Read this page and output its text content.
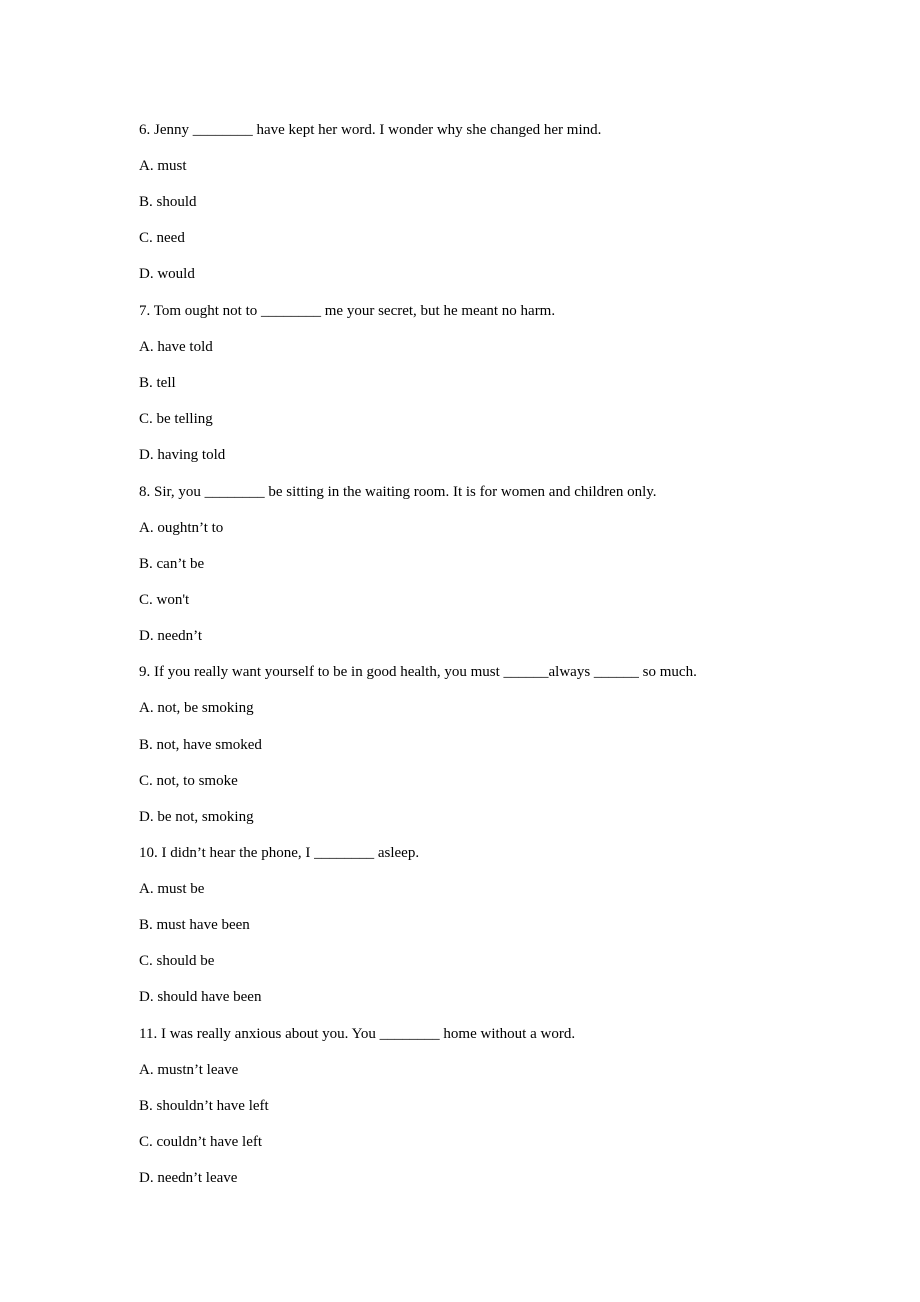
6. Jenny ________ have kept her word. I wonder why she changed her mind.
A. must
B. should
C. need
D. would
7. Tom ought not to ________ me your secret, but he meant no harm.
A. have told
B. tell
C. be telling
D. having told
8. Sir, you ________ be sitting in the waiting room. It is for women and children only.
A. oughtn’t to
B. can’t be
C. won't
D. needn’t
9. If you really want yourself to be in good health, you must ______always ______ so much.
A. not, be smoking
B. not, have smoked
C. not, to smoke
D. be not, smoking
10. I didn’t hear the phone, I ________ asleep.
A. must be
B. must have been
C. should be
D. should have been
11. I was really anxious about you. You ________ home without a word.
A. mustn’t leave
B. shouldn’t have left
C. couldn’t have left
D. needn’t leave
